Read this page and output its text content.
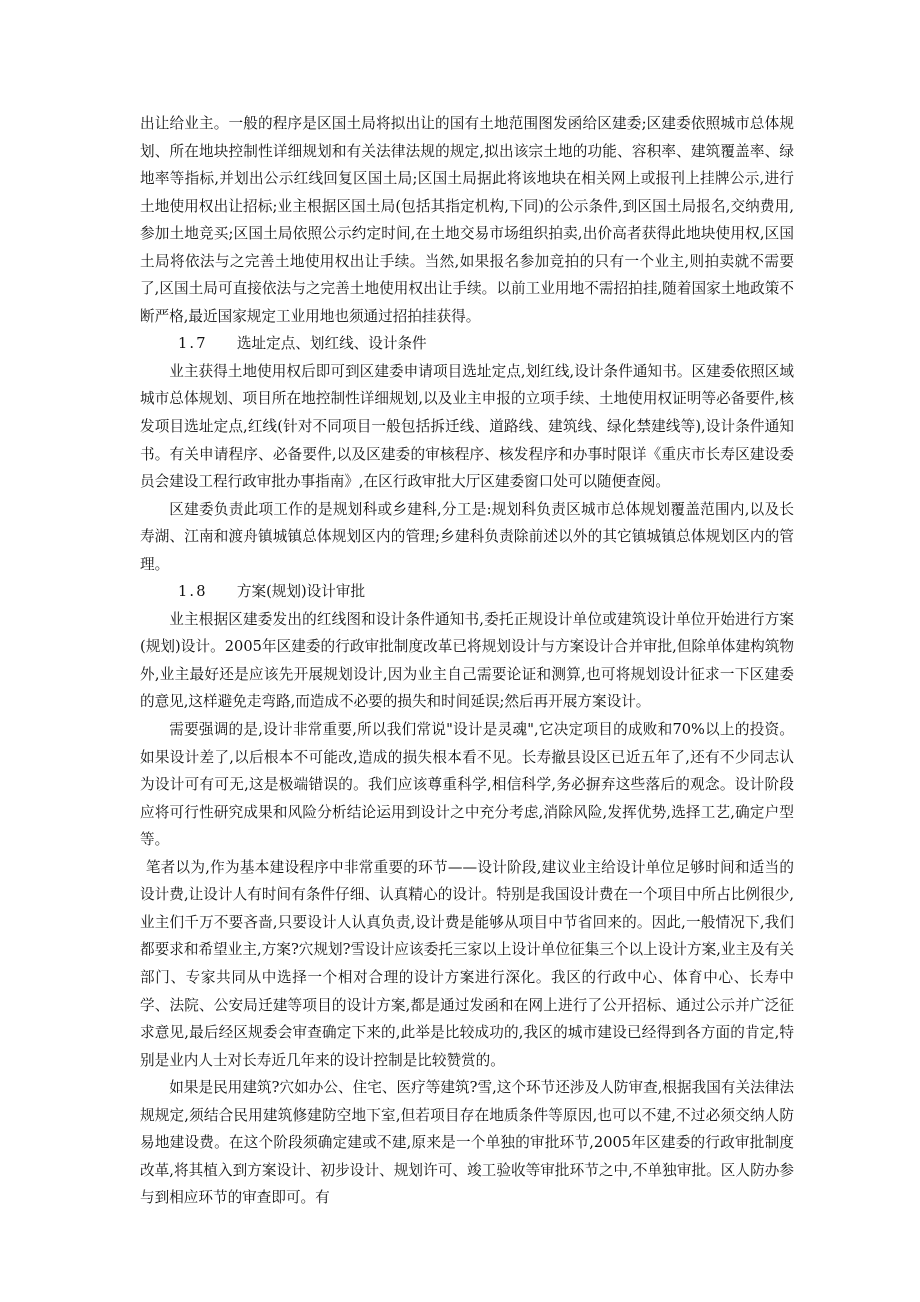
出让给业主。一般的程序是区国土局将拟出让的国有土地范围图发函给区建委;区建委依照城市总体规划、所在地块控制性详细规划和有关法律法规的规定,拟出该宗土地的功能、容积率、建筑覆盖率、绿地率等指标,并划出公示红线回复区国土局;区国土局据此将该地块在相关网上或报刊上挂牌公示,进行土地使用权出让招标;业主根据区国土局(包括其指定机构,下同)的公示条件,到区国土局报名,交纳费用,参加土地竞买;区国土局依照公示约定时间,在土地交易市场组织拍卖,出价高者获得此地块使用权,区国土局将依法与之完善土地使用权出让手续。当然,如果报名参加竞拍的只有一个业主,则拍卖就不需要了,区国土局可直接依法与之完善土地使用权出让手续。以前工业用地不需招拍挂,随着国家土地政策不断严格,最近国家规定工业用地也须通过招拍挂获得。

1.7 选址定点、划红线、设计条件

业主获得土地使用权后即可到区建委申请项目选址定点,划红线,设计条件通知书。区建委依照区域城市总体规划、项目所在地控制性详细规划,以及业主申报的立项手续、土地使用权证明等必备要件,核发项目选址定点,红线(针对不同项目一般包括拆迁线、道路线、建筑线、绿化禁建线等),设计条件通知书。有关申请程序、必备要件,以及区建委的审核程序、核发程序和办事时限详《重庆市长寿区建设委员会建设工程行政审批办事指南》,在区行政审批大厅区建委窗口处可以随便查阅。

区建委负责此项工作的是规划科或乡建科,分工是:规划科负责区城市总体规划覆盖范围内,以及长寿湖、江南和渡舟镇城镇总体规划区内的管理;乡建科负责除前述以外的其它镇城镇总体规划区内的管理。

1.8 方案(规划)设计审批

业主根据区建委发出的红线图和设计条件通知书,委托正规设计单位或建筑设计单位开始进行方案(规划)设计。2005年区建委的行政审批制度改革已将规划设计与方案设计合并审批,但除单体建构筑物外,业主最好还是应该先开展规划设计,因为业主自己需要论证和测算,也可将规划设计征求一下区建委的意见,这样避免走弯路,而造成不必要的损失和时间延误;然后再开展方案设计。

需要强调的是,设计非常重要,所以我们常说"设计是灵魂",它决定项目的成败和70%以上的投资。如果设计差了,以后根本不可能改,造成的损失根本看不见。长寿撤县设区已近五年了,还有不少同志认为设计可有可无,这是极端错误的。我们应该尊重科学,相信科学,务必摒弃这些落后的观念。设计阶段应将可行性研究成果和风险分析结论运用到设计之中充分考虑,消除风险,发挥优势,选择工艺,确定户型等。

笔者以为,作为基本建设程序中非常重要的环节——设计阶段,建议业主给设计单位足够时间和适当的设计费,让设计人有时间有条件仔细、认真精心的设计。特别是我国设计费在一个项目中所占比例很少,业主们千万不要吝啬,只要设计人认真负责,设计费是能够从项目中节省回来的。因此,一般情况下,我们都要求和希望业主,方案?穴规划?雪设计应该委托三家以上设计单位征集三个以上设计方案,业主及有关部门、专家共同从中选择一个相对合理的设计方案进行深化。我区的行政中心、体育中心、长寿中学、法院、公安局迁建等项目的设计方案,都是通过发函和在网上进行了公开招标、通过公示并广泛征求意见,最后经区规委会审查确定下来的,此举是比较成功的,我区的城市建设已经得到各方面的肯定,特别是业内人士对长寿近几年来的设计控制是比较赞赏的。

如果是民用建筑?穴如办公、住宅、医疗等建筑?雪,这个环节还涉及人防审查,根据我国有关法律法规规定,须结合民用建筑修建防空地下室,但若项目存在地质条件等原因,也可以不建,不过必须交纳人防易地建设费。在这个阶段须确定建或不建,原来是一个单独的审批环节,2005年区建委的行政审批制度改革,将其植入到方案设计、初步设计、规划许可、竣工验收等审批环节之中,不单独审批。区人防办参与到相应环节的审查即可。有
